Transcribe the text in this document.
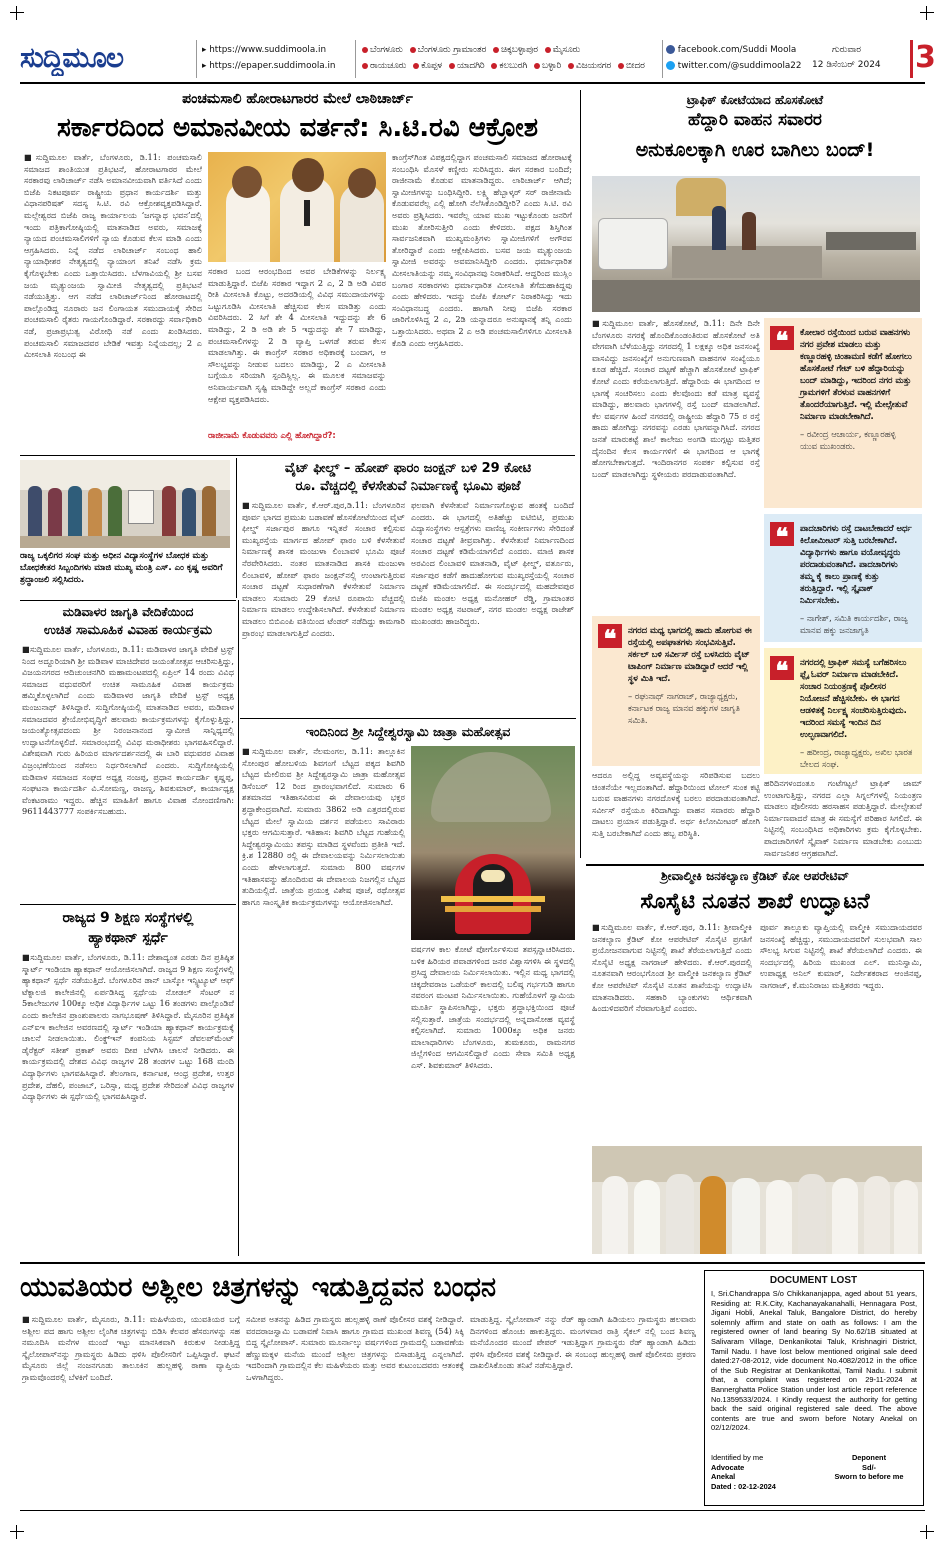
ಸುದ್ದಿಮೂಲ	▸ https://www.suddimoola.in
▸ https://epaper.suddimoola.in
ಬೆಂಗಳೂರು ಬೆಂಗಳೂರು ಗ್ರಾಮಾಂತರ ಚಿಕ್ಕಬಳ್ಳಾಪುರ ಮೈಸೂರು
ರಾಯಚೂರು ಕೊಪ್ಪಳ ಯಾದಗಿರಿ ಕಲಬುರಗಿ ಬಳ್ಳಾರಿ ವಿಜಯನಗರ ಬೀದರ
facebook.com/Suddi Moola
twitter.com/@suddimoola22
ಗುರುವಾರ
12 ಡಿಸೆಂಬರ್ 2024	3
ಪಂಚಮಸಾಲಿ ಹೋರಾಟಗಾರರ ಮೇಲೆ ಲಾಠಿಚಾರ್ಜ್
ಸರ್ಕಾರದಿಂದ ಅಮಾನವೀಯ ವರ್ತನೆ: ಸಿ.ಟಿ.ರವಿ ಆಕ್ರೋಶ
■ಸುದ್ದಿಮೂಲ ವಾರ್ತೆ, ಬೆಂಗಳೂರು, ಡಿ.11: ಪಂಚಮಸಾಲಿ ಸಮಾಜದ ಶಾಂತಿಯುತ ಪ್ರತಿಭಟನೆ, ಹೋರಾಟಗಾರರ ಮೇಲೆ ಸರಕಾರವು ಲಾಠಿಚಾರ್ಜ್ ನಡೆಸಿ ಅಮಾನವೀಯವಾಗಿ ವರ್ತಿಸಿದೆ ಎಂದು ಬಿಜೆಪಿ ನಿಕಟಪೂರ್ವ ರಾಷ್ಟ್ರೀಯ ಪ್ರಧಾನ ಕಾರ್ಯದರ್ಶಿ ಮತ್ತು ವಿಧಾನಪರಿಷತ್ ಸದಸ್ಯ ಸಿ.ಟಿ. ರವಿ ಆಕ್ರೋಶವ್ಯಕ್ತಪಡಿಸಿದ್ದಾರೆ. ಮಲ್ಲೇಶ್ವರದ ಬಿಜೆಪಿ ರಾಜ್ಯ ಕಾರ್ಯಾಲಯ ‘ಜಗನ್ನಾಥ ಭವನ’ದಲ್ಲಿ ಇಂದು ಪತ್ರಿಕಾಗೋಷ್ಠಿಯಲ್ಲಿ ಮಾತನಾಡಿದ ಅವರು, ಸಮಾಜಕ್ಕೆ ನ್ಯಾಯದ ಪಂಚಮಸಾಲಿಗಳಿಗೆ ನ್ಯಾಯ ಕೊಡುವ ಕೆಲಸ ಮಾಡಿ ಎಂದು ಆಗ್ರಹಿಸಿದರು. ನಿನ್ನೆ ನಡೆದ ಲಾಠಿಚಾರ್ಜ್ ಸಂಬಂಧ ಹಾಲಿ ನ್ಯಾಯಾಧೀಶರ ನೇತೃತ್ವದಲ್ಲಿ ನ್ಯಾಯಾಂಗ ತನಿಖೆ ನಡೆಸಿ ಕ್ರಮ ಕೈಗೊಳ್ಳಬೇಕು ಎಂದು ಒತ್ತಾಯಿಸಿದರು. ಬೆಳಗಾವಿಯಲ್ಲಿ ಶ್ರೀ ಬಸವ ಜಯ ಮೃತ್ಯುಂಜಯ ಸ್ವಾಮೀಜಿ ನೇತೃತ್ವದಲ್ಲಿ ಪ್ರತಿಭಟನೆ ನಡೆಯುತ್ತಿತ್ತು. ಆಗ ನಡೆದ ಲಾಠಿಚಾರ್ಜ್‌ನಿಂದ ಹೋರಾಟದಲ್ಲಿ ಪಾಲ್ಗೊಂಡಿದ್ದ ನೂರಾರು ಜನ ಲಿಂಗಾಯತ ಸಮುದಾಯಕ್ಕೆ ಸೇರಿದ ಪಂಚಮಸಾಲಿ ರೈತರು ಗಾಯಗೊಂಡಿದ್ದಾರೆ. ಸರಕಾರದ್ದು ಸರ್ವಾಧಿಕಾರಿ ನಡೆ, ಪ್ರಜಾಪ್ರಭುತ್ವ ವಿರೋಧಿ ನಡೆ ಎಂದು ಖಂಡಿಸಿದರು. ಪಂಚಮಸಾಲಿ ಸಮಾಜದವರ ಬೇಡಿಕೆ ಇವತ್ತು ನಿನ್ನೆಯದಲ್ಲ; 2 ಎ ಮೀಸಲಾತಿ ಸಂಬಂಧ ಈ
ಸರಕಾರ ಬಂದ ಆರಂಭದಿಂದ ಅವರ ಬೇಡಿಕೆಗಳನ್ನು ನಿರ್ಲಕ್ಷ್ಯ ಮಾಡುತ್ತಿದ್ದಾರೆ. ಬಿಜೆಪಿ ಸರಕಾರ ಇದ್ದಾಗ 2 ಎ, 2 ಡಿ ಅಡಿ ವಿವರ ರೀತಿ ಮೀಸಲಾತಿ ಕೊಟ್ಟು, ಅದರಡಿಯಲ್ಲಿ ವಿವಿಧ ಸಮುದಾಯಗಳನ್ನು ಒಟ್ಟುಗೂಡಿಸಿ ಮೀಸಲಾತಿ ಹೆಚ್ಚಿಸುವ ಕೆಲಸ ಮಾಡಿತ್ತು ಎಂದು ವಿವರಿಸಿದರು. 2 ಸಿಗೆ ಶೇ 4 ಮೀಸಲಾತಿ ಇದ್ದುದನ್ನು ಶೇ 6 ಮಾಡಿದ್ದು, 2 ಡಿ ಅಡಿ ಶೇ 5 ಇದ್ದುದನ್ನು ಶೇ 7 ಮಾಡಿದ್ದು, ಪಂಚಮಸಾಲಿಗಳನ್ನು 2 ಡಿ ವ್ಯಾಪ್ತಿ ಒಳಗಡೆ ತರುವ ಕೆಲಸ ಮಾಡಲಾಗಿತ್ತು. ಈ ಕಾಂಗ್ರೆಸ್ ಸರಕಾರ ಅಧಿಕಾರಕ್ಕೆ ಬಂದಾಗ, ಆ ಸೌಲಭ್ಯವನ್ನು ನೀಡುವ ಬದಲು ಮಾಡಿದ್ದು, 2 ಎ ಮೀಸಲಾತಿ ಬಗ್ಗೆಯೂ ಸರಿಯಾಗಿ ಸ್ಪಂದಿಸ್ಲಿಲ್ಲ. ಈ ಮೂಲಕ ಸಮಾಜವನ್ನು ಅನಿವಾರ್ಯವಾಗಿ ಸೃಷ್ಟಿ ಮಾಡಿದ್ದೇ ಅಲ್ಲದೆ ಕಾಂಗ್ರೆಸ್ ಸರಕಾರ ಎಂದು ಆಕ್ಷೇಪ ವ್ಯಕ್ತಪಡಿಸಿದರು.
ರಾಜೀನಾಮೆ ಕೊಡುವವರು ಎಲ್ಲಿ ಹೋಗಿದ್ದಾರೆ?:
ಕಾಂಗ್ರೆಸ್‌ಗಿಂತ ವಿಪಕ್ಷದಲ್ಲಿದ್ದಾಗ ಪಂಚಮಸಾಲಿ ಸಮಾಜದ ಹೋರಾಟಕ್ಕೆ ಸಂಬಂಧಿಸಿ ಮೊಸಳೆ ಕಣ್ಣೀರು ಸುರಿಸಿದ್ದರು. ಈಗ ಸರಕಾರ ಬಂದಿದೆ; ರಾಜೀನಾಮೆ ಕೊಡುವ ಮಾತನಾಡಿದ್ದರು. ಲಾಠಿಚಾರ್ಜ್ ಆಗಿದೆ; ಸ್ವಾಮೀಜಿಗಳನ್ನು ಬಂಧಿಸಿದ್ದೀರಿ. ಲಕ್ಷ್ಮಿ ಹೆಬ್ಬಾಳ್ಕರ್ ಸರ್ ರಾಜೀನಾಮೆ ಕೊಡುವವರೆಲ್ಲ ಎಲ್ಲಿ ಹೋಗಿ ನೆಲೆಸಿಕೊಂಡಿದ್ದೀರಿ? ಎಂದು ಸಿ.ಟಿ. ರವಿ ಅವರು ಪ್ರಶ್ನಿಸಿದರು. ಇವರೆಲ್ಲ ಯಾವ ಮುಖ ಇಟ್ಟುಕೊಂಡು ಜನರಿಗೆ ಮುಖ ತೋರಿಸುತ್ತೀರಿ ಎಂದು ಕೇಳಿದರು. ಪಕ್ಷದ ಶಿಸ್ತಿಗಿಂತ ಸಾರ್ವಜನಿಕವಾಗಿ ಮುಖ್ಯಮಂತ್ರಿಗಳು ಸ್ವಾಮೀಜಿಗಳಿಗೆ ಅಗೌರವ ತೋರಿದ್ದಾರೆ ಎಂದು ಆಕ್ಷೇಪಿಸಿದರು. ಬಸವ ಜಯ ಮೃತ್ಯುಂಜಯ ಸ್ವಾಮೀಜಿ ಅವರನ್ನು ಅವಮಾನಿಸಿದ್ದೀರಿ ಎಂದರು. ಧರ್ಮಾಧಾರಿತ ಮೀಸಲಾತಿಯನ್ನು ನಮ್ಮ ಸಂವಿಧಾನವು ನಿರಾಕರಿಸಿದೆ. ಆದ್ದರಿಂದ ಮುಸ್ಲಿಂ ಬಂಗಾರ ಸರಕಾರಗಳು ಧರ್ಮಾಧಾರಿತ ಮೀಸಲಾತಿ ತೆಗೆದುಹಾಕಿದ್ದವು ಎಂದು ಹೇಳಿದರು. ಇದನ್ನು ಬಿಜೆಪಿ ಕೋರ್ಟ್ ನಿರಾಕರಿಸಿದ್ದು ಇದು ಸಂವಿಧಾನಬದ್ಧ ಎಂದರು. ಹಾಗಾಗಿ ನೀವು ಬಿಜೆಪಿ ಸರಕಾರ ಜಾರಿಗೊಳಿಸಿದ್ದ 2 ಎ, 2ಡಿ ಯನ್ನಾದರೂ ಅನುಷ್ಠಾನಕ್ಕೆ ತನ್ನಿ ಎಂದು ಒತ್ತಾಯಿಸಿದರು. ಅಥವಾ 2 ಎ ಅಡಿ ಪಂಚಮಸಾಲಿಗಳಿಗೂ ಮೀಸಲಾತಿ ಕೊಡಿ ಎಂದು ಆಗ್ರಹಿಸಿದರು.
ರಾಜ್ಯ ಒಕ್ಕಲಿಗರ ಸಂಘ ಮತ್ತು ಅಧೀನ ವಿದ್ಯಾಸಂಸ್ಥೆಗಳ ಬೋಧಕ ಮತ್ತು ಬೋಧಕೇತರ ಸಿಬ್ಬಂದಿಗಳು ಮಾಜಿ ಮುಖ್ಯ ಮಂತ್ರಿ ಎಸ್. ಎಂ ಕೃಷ್ಣ ಅವರಿಗೆ ಶ್ರದ್ಧಾಂಜಲಿ ಸಲ್ಲಿಸಿದರು.
ವೈಟ್ ಫೀಲ್ಡ್ – ಹೋಪ್ ಫಾರಂ ಜಂಕ್ಷನ್ ಬಳಿ 29 ಕೋಟಿ
ರೂ. ವೆಚ್ಚದಲ್ಲಿ ಕೆಳಸೇತುವೆ ನಿರ್ಮಾಣಕ್ಕೆ ಭೂಮಿ ಪೂಜೆ
■ಸುದ್ದಿಮೂಲ ವಾರ್ತೆ, ಕೆ.ಆರ್.ಪುರ,ಡಿ.11: ಬೆಂಗಳೂರಿನ ಪೂರ್ವ ಭಾಗದ ಪ್ರಮುಖ ಬಡಾವಣೆ ಹೊಸಕೋಟೆಯಿಂದ ವೈಟ್ ಫೀಲ್ಡ್ ಸರ್ಜಾಪುರ ಹಾಗೂ ಇನ್ನಿತರೆ ಸಂಚಾರ ಕಲ್ಪಿಸುವ ಮುಖ್ಯರಸ್ತೆಯ ಮಾರ್ಗದ ಹೋಪ್ ಫಾರಂ ಬಳಿ ಕೆಳಸೇತುವೆ ನಿರ್ಮಾಣಕ್ಕೆ ಶಾಸಕ ಮಂಜುಳಾ ಲಿಂಬಾವಳಿ ಭೂಮಿ ಪೂಜೆ ನೆರವೇರಿಸಿದರು. ನಂತರ ಮಾತನಾಡಿದ ಶಾಸಕಿ ಮಂಜುಳಾ ಲಿಂಬಾವಳಿ, ಹೋಪ್ ಫಾರಂ ಜಂಕ್ಷನ್‌ನಲ್ಲಿ ಉಂಟಾಗುತ್ತಿರುವ ಸಂಚಾರ ದಟ್ಟಣೆ ಸುಧಾರಣೆಗಾಗಿ ಕೆಳಸೇತುವೆ ನಿರ್ಮಾಣ ಮಾಡಲು ಸುಮಾರು 29 ಕೋಟಿ ರೂಪಾಯಿ ವೆಚ್ಚದಲ್ಲಿ ನಿರ್ಮಾಣ ಮಾಡಲು ಉದ್ದೇಶಿಸಲಾಗಿದೆ. ಕೆಳಸೇತುವೆ ನಿರ್ಮಾಣ ಮಾಡಲು ಬಿಬಿಎಂಪಿ ವತಿಯಿಂದ ಟೆಂಡರ್ ನಡೆದಿದ್ದು ಕಾಮಗಾರಿ ಪ್ರಾರಂಭ ಮಾಡಲಾಗುತ್ತಿದೆ ಎಂದರು.
ಫಲವಾಗಿ ಕೆಳಸೇತುವೆ ನಿರ್ಮಾಣಗೊಳ್ಳುವ ಹಂತಕ್ಕೆ ಬಂದಿದೆ ಎಂದರು. ಈ ಭಾಗದಲ್ಲಿ ಅತಿಹೆಚ್ಚು ಐಟಿಬಿಟಿ, ಪ್ರಮುಖ ವಿದ್ಯಾಸಂಸ್ಥೆಗಳು ಆಸ್ಪತ್ರೆಗಳು ವಾಣಿಜ್ಯ ಸಂಕೀರ್ಣಗಳು ಸೇರಿದಂತೆ ಸಂಚಾರ ದಟ್ಟಣೆ ತೀವ್ರವಾಗಿತ್ತು. ಕೆಳಸೇತುವೆ ನಿರ್ಮಾಣದಿಂದ ಸಂಚಾರ ದಟ್ಟಣೆ ಕಡಿಮೆಯಾಗಲಿದೆ ಎಂದರು. ಮಾಜಿ ಶಾಸಕ ಅರವಿಂದ ಲಿಂಬಾವಳಿ ಮಾತನಾಡಿ, ವೈಟ್ ಫೀಲ್ಡ್, ವರ್ತೂರು, ಸರ್ಜಾಪುರ ಕಡೆಗೆ ಹಾದುಹೋಗುವ ಮುಖ್ಯರಸ್ತೆಯಲ್ಲಿ ಸಂಚಾರ ದಟ್ಟಣೆ ಕಡಿಮೆಯಾಗಲಿದೆ. ಈ ಸಂದರ್ಭದಲ್ಲಿ ಮಹದೇವಪುರ ಬಿಜೆಪಿ ಮಂಡಲ ಅಧ್ಯಕ್ಷ ಮನೋಹರ್ ರೆಡ್ಡಿ, ಗ್ರಾಮಾಂತರ ಮಂಡಲ ಅಧ್ಯಕ್ಷ ನಟರಾಜ್, ನಗರ ಮಂಡಲ ಅಧ್ಯಕ್ಷ ರಾಜೇಶ್ ಮುಖಂಡರು ಹಾಜರಿದ್ದರು.
ಮಡಿವಾಳರ ಜಾಗೃತಿ ವೇದಿಕೆಯಿಂದ
ಉಚಿತ ಸಾಮೂಹಿಕ ವಿವಾಹ ಕಾರ್ಯಕ್ರಮ
■ಸುದ್ದಿಮೂಲ ವಾರ್ತೆ, ಬೆಂಗಳೂರು, ಡಿ.11: ಮಡಿವಾಳರ ಜಾಗೃತಿ ವೇದಿಕೆ ಟ್ರಸ್ಟ್ ನಿಂದ ಅದ್ದೂರಿಯಾಗಿ ಶ್ರೀ ಮಡಿವಾಳ ಮಾಚಿದೇವರ ಜಯಂತೋತ್ಸವ ಆಚರಿಸುತ್ತಿದ್ದು, ವಿಜಯನಗರದ ಆದಿಚುಂಚನಗಿರಿ ಮಹಾಮಂಟಪದಲ್ಲಿ ಏಪ್ರಿಲ್ 14 ರಂದು ವಿವಿಧ ಸಮಾಜದ ವಧುವರರಿಗೆ ಉಚಿತ ಸಾಮೂಹಿಕ ವಿವಾಹ ಕಾರ್ಯಕ್ರಮ ಹಮ್ಮಿಕೊಳ್ಳಲಾಗಿದೆ ಎಂದು ಮಡಿವಾಳರ ಜಾಗೃತಿ ವೇದಿಕೆ ಟ್ರಸ್ಟ್ ಅಧ್ಯಕ್ಷ ಮಂಜುನಾಥ್ ತಿಳಿಸಿದ್ದಾರೆ. ಸುದ್ದಿಗೋಷ್ಠಿಯಲ್ಲಿ ಮಾತನಾಡಿದ ಅವರು, ಮಡಿವಾಳ ಸಮಾಜದವರ ಶ್ರೇಯೋಭಿವೃದ್ಧಿಗೆ ಹಲವಾರು ಕಾರ್ಯಕ್ರಮಗಳನ್ನು ಕೈಗೊಳ್ಳುತ್ತಿದ್ದು, ಜಯಂತ್ಯೋತ್ಸವದಂದು ಶ್ರೀ ನಿರಂಜನಾನಂದ ಸ್ವಾಮೀಜಿ ಸಾನ್ನಿಧ್ಯದಲ್ಲಿ ಉದ್ಘಾಟನೆಗೊಳ್ಳಲಿದೆ. ಸಮಾರಂಭದಲ್ಲಿ ವಿವಿಧ ಮಠಾಧೀಶರು ಭಾಗವಹಿಸಲಿದ್ದಾರೆ. ವಿಶೇಷವಾಗಿ ಗುರು ಹಿರಿಯರ ಮಾರ್ಗದರ್ಶನದಲ್ಲಿ ಈ ಬಾರಿ ವಧುವರರ ವಿವಾಹ ವಿಜ್ರಂಭಣೆಯಿಂದ ನಡೆಸಲು ನಿರ್ಧರಿಸಲಾಗಿದೆ ಎಂದರು. ಸುದ್ದಿಗೋಷ್ಠಿಯಲ್ಲಿ ಮಡಿವಾಳ ಸಮಾಜದ ಸಂಘದ ಅಧ್ಯಕ್ಷ ನಂಜಪ್ಪ, ಪ್ರಧಾನ ಕಾರ್ಯದರ್ಶಿ ಕೃಷ್ಣಪ್ಪ, ಸಂಘಟನಾ ಕಾರ್ಯದರ್ಶಿ ವಿ.ಸೋಮಣ್ಣ, ರಾಜಣ್ಣ, ಶಿವಕುಮಾರ್, ಕಾರ್ಯಾಧ್ಯಕ್ಷ ವೆಂಕಟರಾಮು ಇದ್ದರು. ಹೆಚ್ಚಿನ ಮಾಹಿತಿಗೆ ಹಾಗೂ ವಿವಾಹ ನೋಂದಣಿಗಾಗಿ: 9611443777 ಸಂಪರ್ಕಿಸಬಹುದು.
ರಾಜ್ಯದ 9 ಶಿಕ್ಷಣ ಸಂಸ್ಥೆಗಳಲ್ಲಿ
ಹ್ಯಾಕಥಾನ್ ಸ್ಪರ್ಧೆ
■ಸುದ್ದಿಮೂಲ ವಾರ್ತೆ, ಬೆಂಗಳೂರು, ಡಿ.11: ದೇಶಾದ್ಯಂತ ಎರಡು ದಿನ ಪ್ರತಿಷ್ಠಿತ ಸ್ಮಾರ್ಟ್ ಇಂಡಿಯಾ ಹ್ಯಾಕಥಾನ್ ಆಯೋಜಿಸಲಾಗಿದೆ. ರಾಜ್ಯದ 9 ಶಿಕ್ಷಣ ಸಂಸ್ಥೆಗಳಲ್ಲಿ ಹ್ಯಾಕಥಾನ್ ಸ್ಪರ್ಧೆ ನಡೆಯುತ್ತಿದೆ. ಬೆಂಗಳೂರಿನ ಡಾನ್ ಬಾಸ್ಕೋ ಇನ್ಸ್ಟಿಟ್ಯೂಟ್ ಆಫ್ ಟೆಕ್ನಾಲಜಿ ಕಾಲೇಜಿನಲ್ಲಿ ಏರ್ಪಡಿಸಿದ್ದ ಸ್ಪರ್ಧೆಯ ನೋಡಲ್ ಸೆಂಟರ್ ನ 5ಕಾಲೇಜುಗಳ 100ಕ್ಕೂ ಅಧಿಕ ವಿದ್ಯಾರ್ಥಿಗಳ ಒಟ್ಟು 16 ತಂಡಗಳು ಪಾಲ್ಗೊಂಡಿವೆ ಎಂದು ಕಾಲೇಜಿನ ಪ್ರಾಂಶುಪಾಲರು ನಾಗಭೂಷಣ್ ತಿಳಿಸಿದ್ದಾರೆ. ಮೈಸೂರಿನ ಪ್ರತಿಷ್ಠಿತ ಎನ್ಐಇ ಕಾಲೇಜಿನ ಅವರಣದಲ್ಲಿ ಸ್ಮಾರ್ಟ್ ಇಂಡಿಯಾ ಹ್ಯಾಕಥಾನ್ ಕಾರ್ಯಕ್ರಮಕ್ಕೆ ಚಾಲನೆ ನೀಡಲಾಯಿತು. ಲಿಂಕ್ಡ್‌ಇನ್ ಕಂಪನಿಯ ಸಿಸ್ಟಮ್ ಡೆವಲಪ್‌ಮೆಂಟ್ ಡೈರೆಕ್ಟರ್ ಸತೀಶ್ ಪ್ರಕಾಶ್ ಅವರು ದೀಪ ಬೆಳಗಿಸಿ ಚಾಲನೆ ನೀಡಿದರು. ಈ ಕಾರ್ಯಕ್ರಮದಲ್ಲಿ ದೇಶದ ವಿವಿಧ ರಾಜ್ಯಗಳ 28 ತಂಡಗಳ ಒಟ್ಟು 168 ಮಂದಿ ವಿದ್ಯಾರ್ಥಿಗಳು ಭಾಗವಹಿಸಿದ್ದಾರೆ. ತೆಲಂಗಾಣ, ಕರ್ನಾಟಕ, ಆಂಧ್ರ ಪ್ರದೇಶ, ಉತ್ತರ ಪ್ರದೇಶ, ದೆಹಲಿ, ಪಂಜಾಬ್, ಒರಿಸ್ಸಾ, ಮಧ್ಯ ಪ್ರದೇಶ ಸೇರಿದಂತೆ ವಿವಿಧ ರಾಜ್ಯಗಳ ವಿದ್ಯಾರ್ಥಿಗಳು ಈ ಸ್ಪರ್ಧೆಯಲ್ಲಿ ಭಾಗವಹಿಸಿದ್ದಾರೆ.
ಇಂದಿನಿಂದ ಶ್ರೀ ಸಿದ್ದೇಶ್ವರಸ್ವಾಮಿ ಜಾತ್ರಾ ಮಹೋತ್ಸವ
■ಸುದ್ದಿಮೂಲ ವಾರ್ತೆ, ನೆಲಮಂಗಲ, ಡಿ.11: ತಾಲ್ಲೂಕಿನ ಸೋಂಪುರ ಹೋಬಳಿಯ ಶಿವಗಂಗೆ ಬೆಟ್ಟದ ಪಕ್ಕದ ಶಿವಗಿರಿ ಬೆಟ್ಟದ ಮೇಲಿರುವ ಶ್ರೀ ಸಿದ್ದೇಶ್ವರಸ್ವಾಮಿ ಜಾತ್ರಾ ಮಹೋತ್ಸವ ಡಿಸೆಂಬರ್ 12 ರಿಂದ ಪ್ರಾರಂಭವಾಗಲಿದೆ. ಸುಮಾರು 6 ಶತಮಾನದ ಇತಿಹಾಸವಿರುವ ಈ ದೇವಾಲಯವು ಭಕ್ತರ ಶ್ರದ್ಧಾಕೇಂದ್ರವಾಗಿದೆ. ಸುಮಾರು 3862 ಅಡಿ ಎತ್ತರದಲ್ಲಿರುವ ಬೆಟ್ಟದ ಮೇಲೆ ಸ್ವಾಮಿಯ ದರ್ಶನ ಪಡೆಯಲು ಸಾವಿರಾರು ಭಕ್ತರು ಆಗಮಿಸುತ್ತಾರೆ. ಇತಿಹಾಸ: ಶಿವಗಿರಿ ಬೆಟ್ಟದ ಗುಹೆಯಲ್ಲಿ ಸಿದ್ದೇಶ್ವರಸ್ವಾಮಿಯು ತಪಸ್ಸು ಮಾಡಿದ ಸ್ಥಳವೆಂದು ಪ್ರತೀತಿ ಇದೆ. ಕ್ರಿ.ಶ 12880 ರಲ್ಲಿ ಈ ದೇವಾಲಯವನ್ನು ನಿರ್ಮಿಸಲಾಯಿತು ಎಂದು ಹೇಳಲಾಗುತ್ತದೆ. ಸುಮಾರು 800 ವರ್ಷಗಳ ಇತಿಹಾಸವನ್ನು ಹೊಂದಿರುವ ಈ ದೇವಾಲಯ ನಿಜಗಲ್ಲಿನ ಬೆಟ್ಟದ ತುದಿಯಲ್ಲಿದೆ. ಜಾತ್ರೆಯ ಪ್ರಯುಕ್ತ ವಿಶೇಷ ಪೂಜೆ, ರಥೋತ್ಸವ ಹಾಗೂ ಸಾಂಸ್ಕೃತಿಕ ಕಾರ್ಯಕ್ರಮಗಳನ್ನು ಆಯೋಜಿಸಲಾಗಿದೆ.
ವರ್ಷಗಳ ಕಾಲ ಕೋಟೆ ಪೋರ್ಗೊಳಿಸುವ ತಪಸ್ಸನ್ನಾಚರಿಸಿದರು. ಬಳಿಕ ಹಿರಿಯರ ಪವಾಡಗಳಿಂದ ಜನರ ವಿಶ್ವಾಸಗಳಿಸಿ ಈ ಸ್ಥಳದಲ್ಲಿ ಪ್ರಸಿದ್ಧ ದೇವಾಲಯ ನಿರ್ಮಿಸಲಾಯಿತು. ಇಲ್ಲಿನ ಮಧ್ಯ ಭಾಗದಲ್ಲಿ ಚಿಕ್ಕದೇವರಾಜ ಒಡೆಯರ್ ಕಾಲದಲ್ಲಿ ಬಲಿಷ್ಠ ಗರ್ಭಗುಡಿ ಹಾಗೂ ನವರಂಗ ಮಂಟಪ ನಿರ್ಮಿಸಲಾಯಿತು. ಗುಹೆಯೊಳಗೆ ಸ್ವಾಮಿಯ ಮೂರ್ತಿ ಸ್ಥಾಪಿಸಲಾಗಿದ್ದು, ಭಕ್ತರು ಶ್ರದ್ಧಾಭಕ್ತಿಯಿಂದ ಪೂಜೆ ಸಲ್ಲಿಸುತ್ತಾರೆ. ಜಾತ್ರೆಯ ಸಂದರ್ಭದಲ್ಲಿ ಅನ್ನದಾಸೋಹ ವ್ಯವಸ್ಥೆ ಕಲ್ಪಿಸಲಾಗಿದೆ. ಸುಮಾರು 1000ಕ್ಕೂ ಅಧಿಕ ಜನರು ಮಾಲಾಧಾರಿಗಳು ಬೆಂಗಳೂರು, ತುಮಕೂರು, ರಾಮನಗರ ಜಿಲ್ಲೆಗಳಿಂದ ಆಗಮಿಸಲಿದ್ದಾರೆ ಎಂದು ಸೇವಾ ಸಮಿತಿ ಅಧ್ಯಕ್ಷ ಎಸ್. ಶಿವಕುಮಾರ್ ತಿಳಿಸಿದರು.
ಟ್ರಾಫಿಕ್ ಕೋಟೆಯಾದ ಹೊಸಕೋಟೆ
ಹೆದ್ದಾರಿ ವಾಹನ ಸವಾರರ
ಅನುಕೂಲಕ್ಕಾಗಿ ಊರ ಬಾಗಿಲು ಬಂದ್!
■ಸುದ್ದಿಮೂಲ ವಾರ್ತೆ, ಹೊಸಕೋಟೆ, ಡಿ.11: ದಿನೇ ದಿನೇ ಬೆಂಗಳೂರು ನಗರಕ್ಕೆ ಹೊಂದಿಕೊಂಡಂತಿರುವ ಹೊಸಕೋಟೆ ಅತಿ ವೇಗವಾಗಿ ಬೆಳೆಯುತ್ತಿದ್ದು ನಗರದಲ್ಲಿ 1 ಲಕ್ಷಕ್ಕೂ ಅಧಿಕ ಜನಸಂಖ್ಯೆ ವಾಸವಿದ್ದು ಜನಸಂಖ್ಯೆಗೆ ಅನುಗುಣವಾಗಿ ವಾಹನಗಳ ಸಂಖ್ಯೆಯೂ ಕೂಡ ಹೆಚ್ಚಿದೆ. ಸಂಚಾರ ದಟ್ಟಣೆ ಹೆಚ್ಚಾಗಿ ಹೊಸಕೋಟೆ ಟ್ರಾಫಿಕ್ ಕೋಟೆ ಎಂದು ಕರೆಯಲಾಗುತ್ತಿದೆ. ಹೆದ್ದಾರಿಯ ಈ ಭಾಗದಿಂದ ಆ ಭಾಗಕ್ಕೆ ಸಂಚರಿಸಲು ಎಂದು ಕೆಲವೊಂದು ಕಡೆ ಮಾತ್ರ ವ್ಯವಸ್ಥೆ ಮಾಡಿದ್ದು, ಹಲವಾರು ಭಾಗಗಳಲ್ಲಿ ರಸ್ತೆ ಬಂದ್ ಮಾಡಲಾಗಿದೆ. ಕೆಲ ವರ್ಷಗಳ ಹಿಂದೆ ನಗರದಲ್ಲಿ ರಾಷ್ಟ್ರೀಯ ಹೆದ್ದಾರಿ 75 ರ ರಸ್ತೆ ಹಾದು ಹೋಗಿದ್ದು ನಗರವನ್ನು ಎರಡು ಭಾಗವನ್ನಾಗಿಸಿದೆ. ನಗರದ ಜನತೆ ಮಾರುಕಟ್ಟೆ ಶಾಲೆ ಕಾಲೇಜು ಅಂಗಡಿ ಮುಗ್ಗಟ್ಟು ಮತ್ತಿತರ ದೈನಂದಿನ ಕೆಲಸ ಕಾರ್ಯಗಳಿಗೆ ಈ ಭಾಗದಿಂದ ಆ ಭಾಗಕ್ಕೆ ಹೋಗಬೇಕಾಗುತ್ತದೆ. ಇಂದಿರಾನಗರ ಸಂಪರ್ಕ ಕಲ್ಪಿಸುವ ರಸ್ತೆ ಬಂದ್ ಮಾಡಲಾಗಿದ್ದು ಸ್ಥಳೀಯರು ಪರದಾಡುವಂತಾಗಿದೆ.
❝	ಕೋಲಾರ ರಸ್ತೆಯಿಂದ ಬರುವ ವಾಹನಗಳು ನಗರ ಪ್ರವೇಶ ಮಾಡಲು ಮತ್ತು ಕಣ್ಣೂರಹಳ್ಳಿ ಚಿಂತಾಮಣಿ ಕಡೆಗೆ ಹೋಗಲು ಹೊಸಕೋಟೆ ಗೇಟ್ ಬಳಿ ಹೆದ್ದಾರಿಯನ್ನು ಬಂದ್ ಮಾಡಿದ್ದು, ಇದರಿಂದ ನಗರ ಮತ್ತು ಗ್ರಾಮಗಳಿಗೆ ತೆರಳುವ ವಾಹನಗಳಿಗೆ ತೊಂದರೆಯಾಗುತ್ತಿದೆ. ಇಲ್ಲಿ ಮೇಲ್ಸೇತುವೆ ನಿರ್ಮಾಣ ಮಾಡಬೇಕಾಗಿದೆ.
– ರವೀಂದ್ರ ಆಚಾರ್ಯ, ಕಣ್ಣೂರಹಳ್ಳಿ ಯುವ ಮುಖಂಡರು.
❝	ಪಾದಚಾರಿಗಳು ರಸ್ತೆ ದಾಟಬೇಕಾದರೆ ಅರ್ಧ ಕಿಲೋಮೀಟರ್ ಸುತ್ತಿ ಬರಬೇಕಾಗಿದೆ. ವಿದ್ಯಾರ್ಥಿಗಳು ಹಾಗೂ ವಯೋವೃದ್ಧರು ಪರದಾಡುವಂತಾಗಿದೆ. ಪಾದಚಾರಿಗಳು ತಮ್ಮ ಕೈ ಕಾಲು ಪ್ರಾಣಕ್ಕೆ ಕುತ್ತು ತರುತ್ತಿದ್ದಾರೆ. ಇಲ್ಲಿ ಸ್ಕೈವಾಕ್ ನಿರ್ಮಿಸಬೇಕು.
– ನಾಗೇಶ್, ಸಮಿತಿ ಕಾರ್ಯದರ್ಶಿ, ರಾಜ್ಯ ಮಾನವ ಹಕ್ಕು ಜನಜಾಗೃತಿ
❝	ನಗರದ ಮಧ್ಯ ಭಾಗದಲ್ಲಿ ಹಾದು ಹೋಗುವ ಈ ರಸ್ತೆಯಲ್ಲಿ ಅಪಘಾತಗಳು ಸಂಭವಿಸುತ್ತಿವೆ. ಸರ್ಕಲ್ ಬಳಿ ಸರ್ವೀಸ್ ರಸ್ತೆ ಬಳಸಿದರು ವೈಟ್ ಟಾಪಿಂಗ್ ನಿರ್ಮಾಣ ಮಾಡಿದ್ದಾರೆ ಆದರೆ ಇಲ್ಲಿ ಸ್ಥಳ ಮಿತಿ ಇದೆ.
– ರಘುನಾಥ್ ನಾಗರಾಜ್, ರಾಜ್ಯಾಧ್ಯಕ್ಷರು, ಕರ್ನಾಟಕ ರಾಜ್ಯ ಮಾನವ ಹಕ್ಕುಗಳ ಜಾಗೃತಿ ಸಮಿತಿ.
❝	ನಗರದಲ್ಲಿ ಟ್ರಾಫಿಕ್ ಸಮಸ್ಯೆ ಬಗೆಹರಿಸಲು ಫ್ಲೈ ಓವರ್ ನಿರ್ಮಾಣ ಮಾಡಬೇಕಿದೆ. ಸಂಚಾರ ನಿಯಂತ್ರಣಕ್ಕೆ ಪೊಲೀಸರ ನಿಯೋಜನೆ ಹೆಚ್ಚಿಸಬೇಕು. ಈ ಭಾಗದ ಆಡಳಿತಕ್ಕೆ ನಿರ್ಲಕ್ಷ್ಯ ಸಂಚರಿಸುತ್ತಿರುವುದು. ಇದರಿಂದ ಸಮಸ್ಯೆ ಇಂದಿನ ದಿನ ಉಲ್ಭಣವಾಗಲಿದೆ.
– ಹರೀಂದ್ರ, ರಾಜ್ಯಾಧ್ಯಕ್ಷರು, ಅಖಿಲ ಭಾರತ ಬೇಲದ ಸಂಘ.
ಆದರೂ ಅಲ್ಲಿದ್ದ ಅವ್ಯವಸ್ಥೆಯನ್ನು ಸರಿಪಡಿಸುವ ಬದಲು ಚಿಂತನೆಯೇ ಇಲ್ಲದಂತಾಗಿದೆ. ಹೆದ್ದಾರಿಯಿಂದ ಟೋಲ್ ಸುಂಕ ಕಟ್ಟಿ ಬರುವ ವಾಹನಗಳು ನಗರದೊಳಕ್ಕೆ ಬರಲು ಪರದಾಡುವಂತಾಗಿದೆ. ಸರ್ವೀಸ್ ರಸ್ತೆಯೂ ಕಿರಿದಾಗಿದ್ದು ವಾಹನ ಸವಾರರು ಹೆದ್ದಾರಿ ದಾಟಲು ಪ್ರಯಾಸ ಪಡುತ್ತಿದ್ದಾರೆ. ಅರ್ಧ ಕಿಲೋಮೀಟರ್ ಹೋಗಿ ಸುತ್ತಿ ಬರಬೇಕಾಗಿದೆ ಎಂದು ಹಬ್ಬ ಪರಿಸ್ಥಿತಿ.
ಹರಿದಿನಗಳಂದಂತೂ ಗಂಟೆಗಟ್ಟಲೆ ಟ್ರಾಫಿಕ್ ಜಾಮ್ ಉಂಟಾಗುತ್ತಿದ್ದು, ನಗರದ ಎಲ್ಲಾ ಸಿಗ್ನಲ್‌ಗಳಲ್ಲಿ ನಿಯಂತ್ರಣ ಮಾಡಲು ಪೊಲೀಸರು ಹರಸಾಹಸ ಪಡುತ್ತಿದ್ದಾರೆ. ಮೇಲ್ಸೇತುವೆ ನಿರ್ಮಾಣವಾದರೆ ಮಾತ್ರ ಈ ಸಮಸ್ಯೆಗೆ ಪರಿಹಾರ ಸಿಗಲಿದೆ. ಈ ನಿಟ್ಟಿನಲ್ಲಿ ಸಂಬಂಧಿಸಿದ ಅಧಿಕಾರಿಗಳು ಕ್ರಮ ಕೈಗೊಳ್ಳಬೇಕು. ಪಾದಚಾರಿಗಳಿಗೆ ಸ್ಕೈವಾಕ್ ನಿರ್ಮಾಣ ಮಾಡಬೇಕು ಎಂಬುದು ಸಾರ್ವಜನಿಕರ ಆಗ್ರಹವಾಗಿದೆ.
ಶ್ರೀವಾಲ್ಮೀಕಿ ಜನಕಲ್ಯಾಣ ಕ್ರೆಡಿಟ್ ಕೋ ಆಪರೇಟಿವ್
ಸೊಸೈಟಿ ನೂತನ ಶಾಖೆ ಉದ್ಘಾಟನೆ
■ಸುದ್ದಿಮೂಲ ವಾರ್ತೆ, ಕೆ.ಆರ್.ಪುರ, ಡಿ.11: ಶ್ರೀವಾಲ್ಮೀಕಿ ಜನಕಲ್ಯಾಣ ಕ್ರೆಡಿಟ್ ಕೋ ಆಪರೇಟಿವ್ ಸೊಸೈಟಿ ಪ್ರಗತಿಗೆ ಪ್ರಯೋಜನವಾಗುವ ನಿಟ್ಟಿನಲ್ಲಿ ಶಾಖೆ ತೆರೆಯಲಾಗುತ್ತಿದೆ ಎಂದು ಸೊಸೈಟಿ ಅಧ್ಯಕ್ಷ ನಾಗರಾಜ್ ಹೇಳಿದರು. ಕೆ.ಆರ್.ಪುರದಲ್ಲಿ ನೂತನವಾಗಿ ಆರಂಭಗೊಂಡ ಶ್ರೀ ವಾಲ್ಮೀಕಿ ಜನಕಲ್ಯಾಣ ಕ್ರೆಡಿಟ್ ಕೋ ಆಪರೇಟಿವ್ ಸೊಸೈಟಿ ನೂತನ ಶಾಖೆಯನ್ನು ಉದ್ಘಾಟಿಸಿ ಮಾತನಾಡಿದರು. ಸಹಕಾರಿ ಬ್ಯಾಂಕುಗಳು ಆರ್ಥಿಕವಾಗಿ ಹಿಂದುಳಿದವರಿಗೆ ನೆರವಾಗುತ್ತಿವೆ ಎಂದರು.
ಪೂರ್ವ ತಾಲ್ಲೂಕು ವ್ಯಾಪ್ತಿಯಲ್ಲಿ ವಾಲ್ಮೀಕಿ ಸಮುದಾಯದವರ ಜನಸಂಖ್ಯೆ ಹೆಚ್ಚಿದ್ದು, ಸಮುದಾಯದವರಿಗೆ ಸುಲಭವಾಗಿ ಸಾಲ ಸೌಲಭ್ಯ ಸಿಗುವ ನಿಟ್ಟಿನಲ್ಲಿ ಶಾಖೆ ತೆರೆಯಲಾಗಿದೆ ಎಂದರು. ಈ ಸಂದರ್ಭದಲ್ಲಿ ಹಿರಿಯ ಮುಖಂಡ ಎಲ್. ಮುನಿಸ್ವಾಮಿ, ಉಪಾಧ್ಯಕ್ಷ ಅನಿಲ್ ಕುಮಾರ್, ನಿರ್ದೇಶಕರಾದ ಆಂಜಿನಪ್ಪ, ನಾಗರಾಜ್, ಕೆ.ಮುನಿರಾಜು ಮತ್ತಿತರರು ಇದ್ದರು.
ಯುವತಿಯರ ಅಶ್ಲೀಲ ಚಿತ್ರಗಳನ್ನು ಇಡುತ್ತಿದ್ದವನ ಬಂಧನ
■ಸುದ್ದಿಮೂಲ ವಾರ್ತೆ, ಮೈಸೂರು, ಡಿ.11: ಮಹಿಳೆಯರು, ಯುವತಿಯರ ಬಗ್ಗೆ ಅಶ್ಲೀಲ ಪದ ಹಾಗು ಅಶ್ಲೀಲ ಲೈಂಗಿಕ ಚಿತ್ರಗಳನ್ನು ಬಿಡಿಸಿ ಕೆಲವರ ಹೆಸರುಗಳನ್ನು ಸಹ ನಮೂದಿಸಿ ಮನೆಗಳ ಮುಂದೆ ಇಟ್ಟು ಮಾನಸಿಕವಾಗಿ ಕಿರುಕುಳ ನೀಡುತ್ತಿದ್ದ ಸ್ಕೈಲೋಪಾಸ್‌ನನ್ನು ಗ್ರಾಮಸ್ಥರು ಹಿಡಿದು ಥಳಿಸಿ ಪೊಲೀಸರಿಗೆ ಒಪ್ಪಿಸಿದ್ದಾರೆ. ಘಟನೆ ಮೈಸೂರು ಜಿಲ್ಲೆ ನಂಜನಗೂಡು ತಾಲೂಕಿನ ಹುಲ್ಲಹಳ್ಳಿ ಠಾಣಾ ವ್ಯಾಪ್ತಿಯ ಗ್ರಾಮವೊಂದರಲ್ಲಿ ಬೆಳಕಿಗೆ ಬಂದಿದೆ.
ಸಮೀಪ ಅತನನ್ನು ಹಿಡಿದ ಗ್ರಾಮಸ್ಥರು ಹುಲ್ಲಹಳ್ಳಿ ಠಾಣೆ ಪೊಲೀಸರ ವಶಕ್ಕೆ ನೀಡಿದ್ದಾರೆ. ವರದರಾಜಸ್ವಾಮಿ ಬಡಾವಣೆ ನಿವಾಸಿ ಹಾಗೂ ಗ್ರಾಮದ ಮುಖಂಡ ಶಿವಣ್ಣ (54) ಸಿಕ್ಕಿ ಬಿದ್ದ ಸ್ಕೈಲೋಪಾಸ್. ಸುಮಾರು ಮೂರ್ನಾಲ್ಕು ವರ್ಷಗಳಿಂದ ಗ್ರಾಮದಲ್ಲಿ ಬಡಾವಣೆಯ ಹೆಣ್ಣುಮಕ್ಕಳ ಮನೆಯ ಮುಂದೆ ಅಶ್ಲೀಲ ಚಿತ್ರಗಳನ್ನು ಬಿಸಾಡುತ್ತಿದ್ದ ಎನ್ನಲಾಗಿದೆ. ಇದರಿಂದಾಗಿ ಗ್ರಾಮದಲ್ಲಿನ ಕೆಲ ಮಹಿಳೆಯರು ಮತ್ತು ಅವರ ಕುಟುಂಬದವರು ಆತಂಕಕ್ಕೆ ಒಳಗಾಗಿದ್ದರು.
ಮಾಡುತ್ತಿದ್ದ. ಸ್ಕೈಲೋಪಾಸ್ ನನ್ನು ರೆಡ್ ಹ್ಯಾಂಡಾಗಿ ಹಿಡಿಯಲು ಗ್ರಾಮಸ್ಥರು ಹಲವಾರು ದಿನಗಳಿಂದ ಹೊಂಚು ಹಾಕುತ್ತಿದ್ದರು. ಮಂಗಳವಾರ ರಾತ್ರಿ ಸೈಕಲ್ ನಲ್ಲಿ ಬಂದ ಶಿವಣ್ಣ ಮನೆಯೊಂದರ ಮುಂದೆ ಪೇಪರ್ ಇಡುತ್ತಿದ್ದಾಗ ಗ್ರಾಮಸ್ಥರು ರೆಡ್ ಹ್ಯಾಂಡಾಗಿ ಹಿಡಿದು ಥಳಿಸಿ ಪೊಲೀಸರ ವಶಕ್ಕೆ ನೀಡಿದ್ದಾರೆ. ಈ ಸಂಬಂಧ ಹುಲ್ಲಹಳ್ಳಿ ಠಾಣೆ ಪೊಲೀಸರು ಪ್ರಕರಣ ದಾಖಲಿಸಿಕೊಂಡು ತನಿಖೆ ನಡೆಸುತ್ತಿದ್ದಾರೆ.
DOCUMENT LOST
I, Sri.Chandrappa S/o Chikkananjappa, aged about 51 years, Residing at: R.K.City, Kachanayakanahalli, Hennagara Post, Jigani Hobli, Anekal Taluk, Bangalore District, do hereby solemnly affirm and state on oath as follows: I am the registered owner of land bearing Sy No.62/1B situated at Salivaram Village, Denkanikotai Taluk, Krishnagiri District, Tamil Nadu. I have lost below mentioned original sale deed dated:27-08-2012, vide document No.4082/2012 in the office of the Sub Registrar at Denkanikottai, Tamil Nadu. I submit that, a complaint was registered on 29-11-2024 at Bannerghatta Police Station under lost article report reference No.1359533/2024. I Kindly request the authority for getting back the said original registered sale deed. The above contents are true and sworn before Notary Anekal on 02/12/2024.
Identified by me
Advocate
Anekal
Dated : 02-12-2024
Deponent
Sd/-
Sworn to before me
